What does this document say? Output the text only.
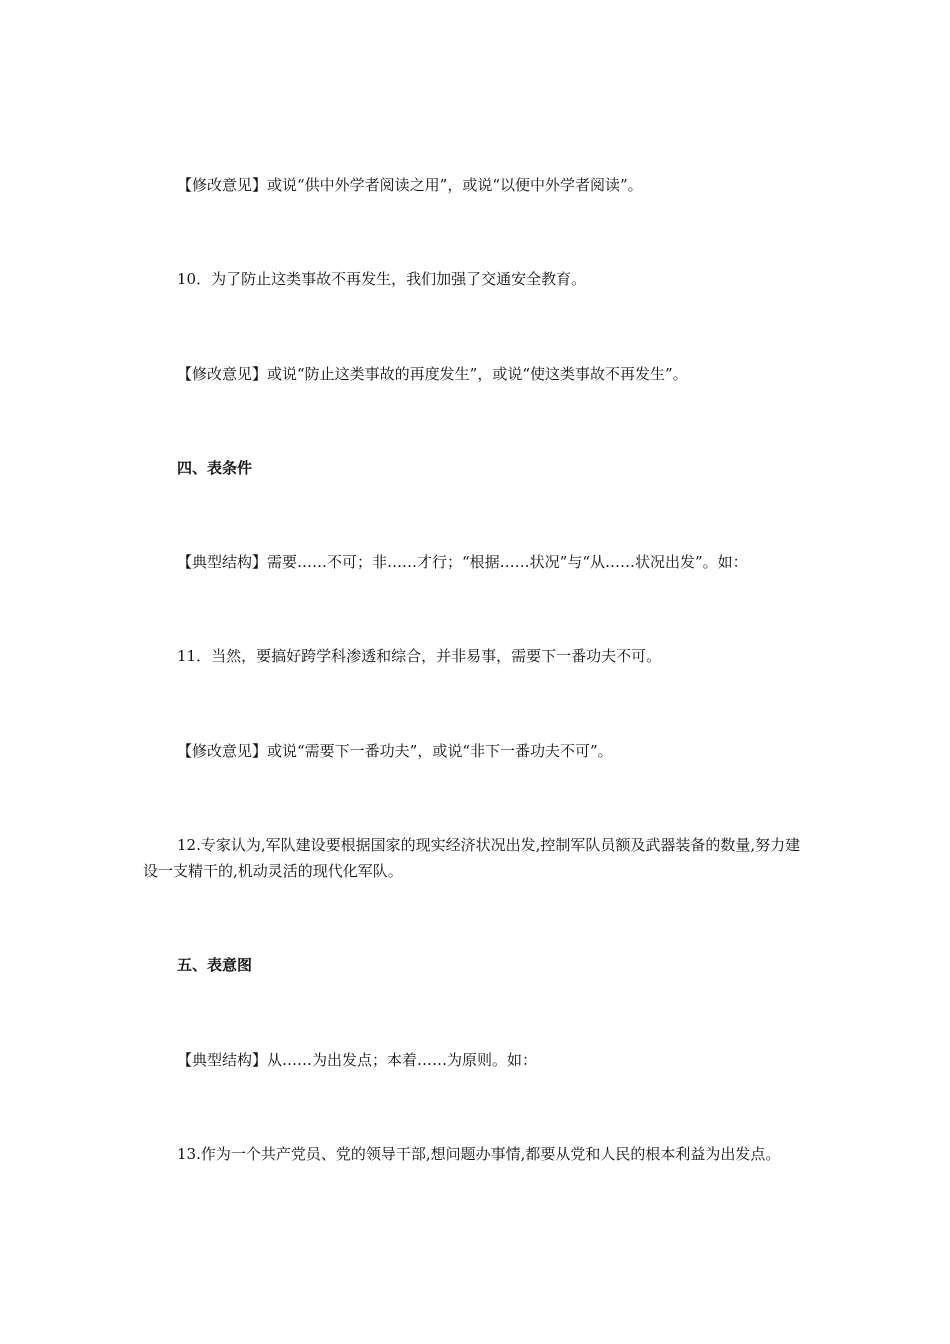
【修改意见】或说“供中外学者阅读之用”，或说“以便中外学者阅读”。

10．为了防止这类事故不再发生，我们加强了交通安全教育。

【修改意见】或说“防止这类事故的再度发生”，或说“使这类事故不再发生”。

四、表条件

【典型结构】需要……不可；非……才行；“根据……状况”与“从……状况出发”。如：

11．当然，要搞好跨学科渗透和综合，并非易事，需要下一番功夫不可。

【修改意见】或说“需要下一番功夫”，或说“非下一番功夫不可”。

12.专家认为,军队建设要根据国家的现实经济状况出发,控制军队员额及武器装备的数量,努力建设一支精干的,机动灵活的现代化军队。

五、表意图

【典型结构】从……为出发点；本着……为原则。如：

13.作为一个共产党员、党的领导干部,想问题办事情,都要从党和人民的根本利益为出发点。
